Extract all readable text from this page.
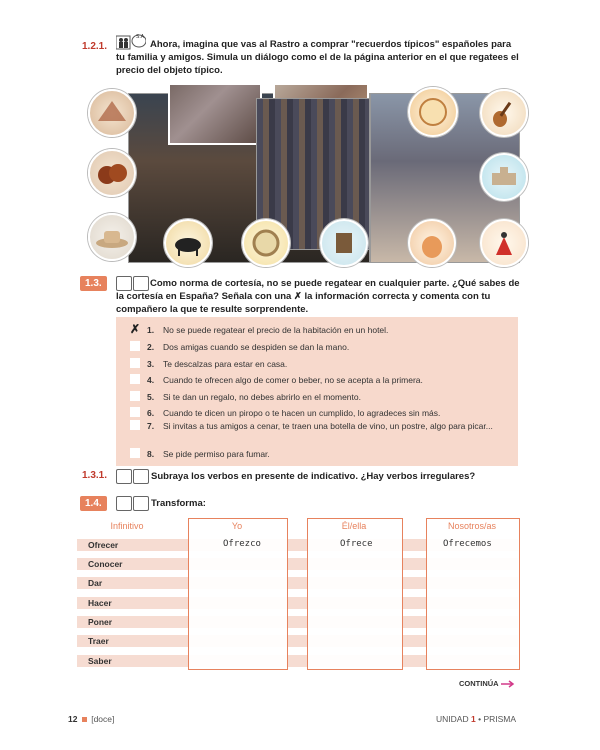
1.2.1.
S.A.
Ahora, imagina que vas al Rastro a comprar "recuerdos típicos" españoles para tu familia y amigos. Simula un diálogo como el de la página anterior en el que regatees el precio del objeto típico.
1.3.	Como norma de cortesía, no se puede regatear en cualquier parte. ¿Qué sabes de la cortesía en España? Señala con una ✗ la información correcta y comenta con tu compañero la que te resulte sorprendente.
✗ 1. No se puede regatear el precio de la habitación en un hotel.
2. Dos amigas cuando se despiden se dan la mano.
3. Te descalzas para estar en casa.
4. Cuando te ofrecen algo de comer o beber, no se acepta a la primera.
5. Si te dan un regalo, no debes abrirlo en el momento.
6. Cuando te dicen un piropo o te hacen un cumplido, lo agradeces sin más.
7. Si invitas a tus amigos a cenar, te traen una botella de vino, un postre, algo para picar...
8. Se pide permiso para fumar.
1.3.1.	Subraya los verbos en presente de indicativo. ¿Hay verbos irregulares?
1.4.	Transforma:
Infinitivo	Yo	Él/ella	Nosotros/as
Ofrecer	Ofrezco	Ofrece	Ofrecemos
Conocer
Dar
Hacer
Poner
Traer
Saber
CONTINÚA
12 [doce]	UNIDAD 1 • PRISMA
